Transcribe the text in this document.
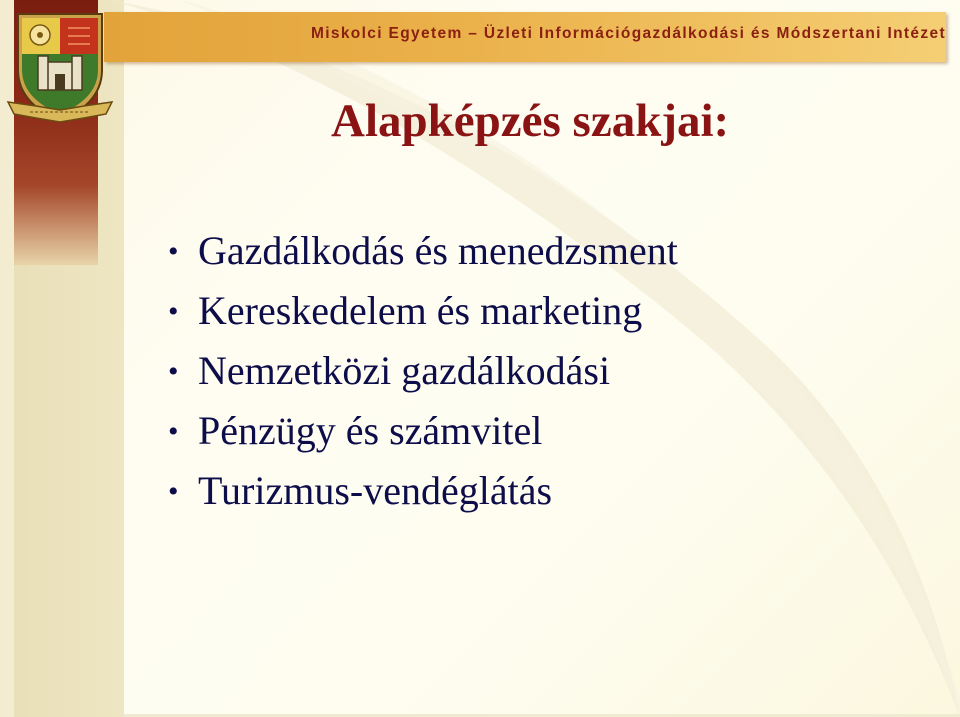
Miskolci Egyetem – Üzleti Információgazdálkodási és Módszertani Intézet
Alapképzés szakjai:
• Gazdálkodás és menedzsment
• Kereskedelem és marketing
• Nemzetközi gazdálkodási
• Pénzügy és számvitel
• Turizmus-vendéglátás
